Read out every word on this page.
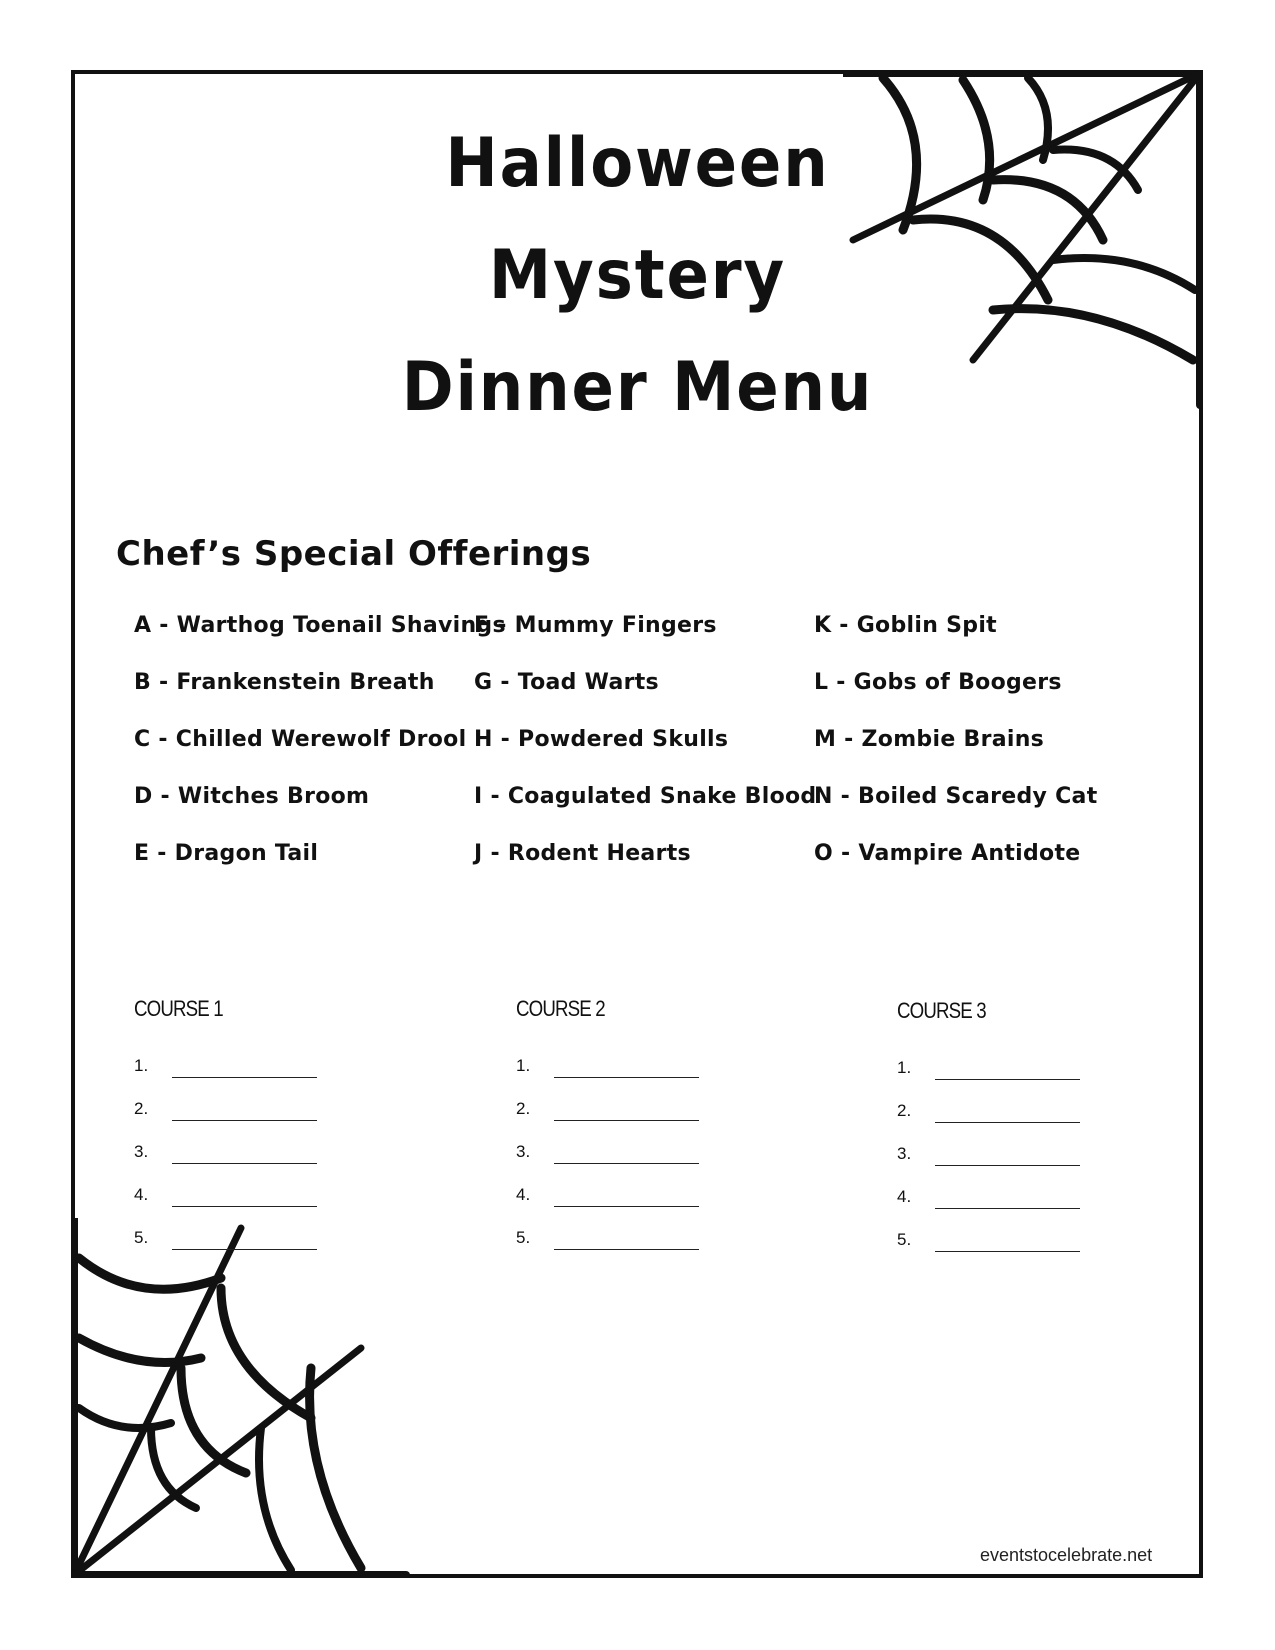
Halloween
Mystery
Dinner Menu
Chef’s Special Offerings
A - Warthog Toenail Shavings
B - Frankenstein Breath
C - Chilled Werewolf Drool
D - Witches Broom
E - Dragon Tail
F - Mummy Fingers
G - Toad Warts
H - Powdered Skulls
I - Coagulated Snake Blood
J - Rodent Hearts
K - Goblin Spit
L - Gobs of Boogers
M - Zombie Brains
N - Boiled Scaredy Cat
O - Vampire Antidote
COURSE 1
1.
2.
3.
4.
5.
COURSE 2
1.
2.
3.
4.
5.
COURSE 3
1.
2.
3.
4.
5.
eventstocelebrate.net
